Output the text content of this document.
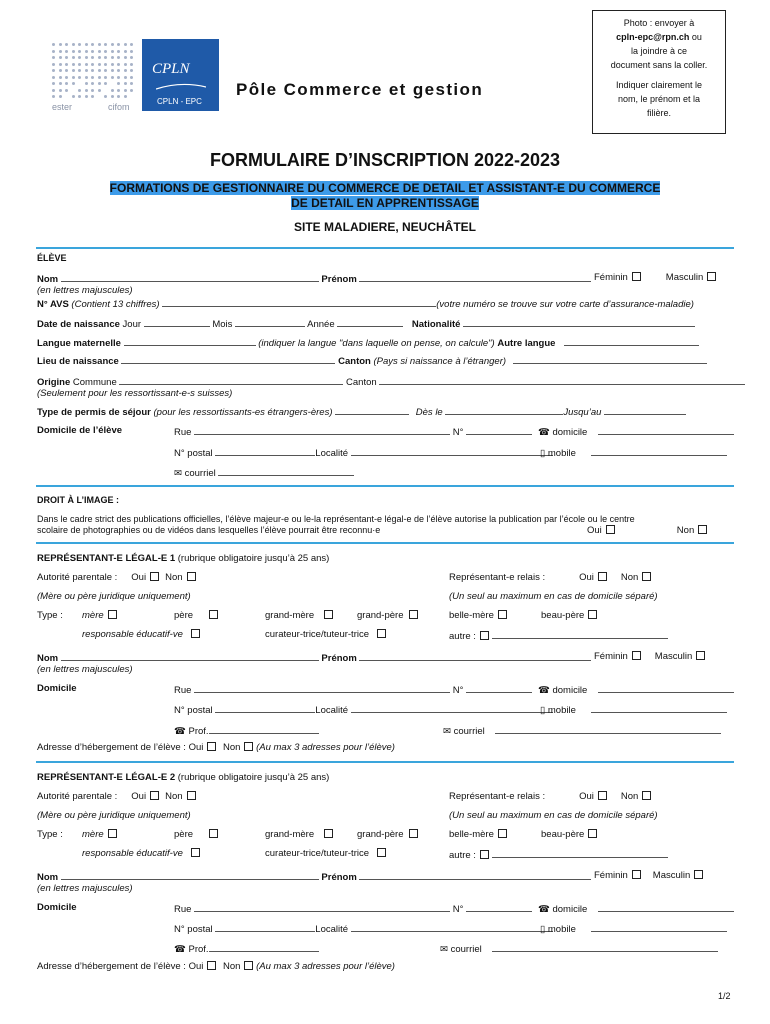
ester	cifom
CPLN
CPLN - EPC
Pôle Commerce et gestion
Photo : envoyer à
cpln-epc@rpn.ch ou
la joindre à ce
document sans la coller.
Indiquer clairement le
nom, le prénom et la
filière.
FORMULAIRE D’INSCRIPTION 2022-2023
FORMATIONS DE GESTIONNAIRE DU COMMERCE DE DETAIL ET ASSISTANT-E DU COMMERCE
DE DETAIL EN APPRENTISSAGE
SITE MALADIERE, NEUCHÂTEL
ÉLÈVE
Nom	Prénom	Féminin	Masculin
(en lettres majuscules)
N° AVS (Contient 13 chiffres)	(votre numéro se trouve sur votre carte d’assurance-maladie)
Date de naissance Jour	Mois	Année	Nationalité
Langue maternelle	(indiquer la langue "dans laquelle on pense, on calcule") Autre langue
Lieu de naissance	Canton (Pays si naissance à l’étranger)
Origine Commune	Canton
(Seulement pour les ressortissant-e-s suisses)
Type de permis de séjour (pour les ressortissants-es étrangers-ères)	Dès le	Jusqu’au
Domicile de l’élève	Rue	N°	☎ domicile
N° postal	Localité	▯ mobile
✉ courriel
DROIT À L’IMAGE :
Dans le cadre strict des publications officielles, l’élève majeur-e ou le-la représentant-e légal-e de l’élève autorise la publication par l’école ou le centre
scolaire de photographies ou de vidéos dans lesquelles l’élève pourrait être reconnu·e	Oui	Non
REPRÉSENTANT-E LÉGAL-E 1 (rubrique obligatoire jusqu’à 25 ans)
Autorité parentale : Oui Non	Représentant-e relais :	Oui	Non
(Mère ou père juridique uniquement)	(Un seul au maximum en cas de domicile séparé)
Type : mère	père	grand-mère	grand-père	belle-mère	beau-père
responsable éducatif-ve	curateur-trice/tuteur-trice	autre :
Nom	Prénom	Féminin	Masculin
(en lettres majuscules)
Domicile	Rue	N°	☎ domicile
N° postal	Localité	▯ mobile
☎ Prof.	✉ courriel
Adresse d’hébergement de l’élève : Oui Non (Au max 3 adresses pour l’élève)
REPRÉSENTANT-E LÉGAL-E 2 (rubrique obligatoire jusqu’à 25 ans)
Autorité parentale : Oui Non	Représentant-e relais :	Oui	Non
(Mère ou père juridique uniquement)	(Un seul au maximum en cas de domicile séparé)
Type : mère	père	grand-mère	grand-père	belle-mère	beau-père
responsable éducatif-ve	curateur-trice/tuteur-trice	autre :
Nom	Prénom	Féminin	Masculin
(en lettres majuscules)
Domicile	Rue	N°	☎ domicile
N° postal	Localité	▯ mobile
☎ Prof.	✉ courriel
Adresse d’hébergement de l’élève : Oui Non (Au max 3 adresses pour l’élève)
1/2
